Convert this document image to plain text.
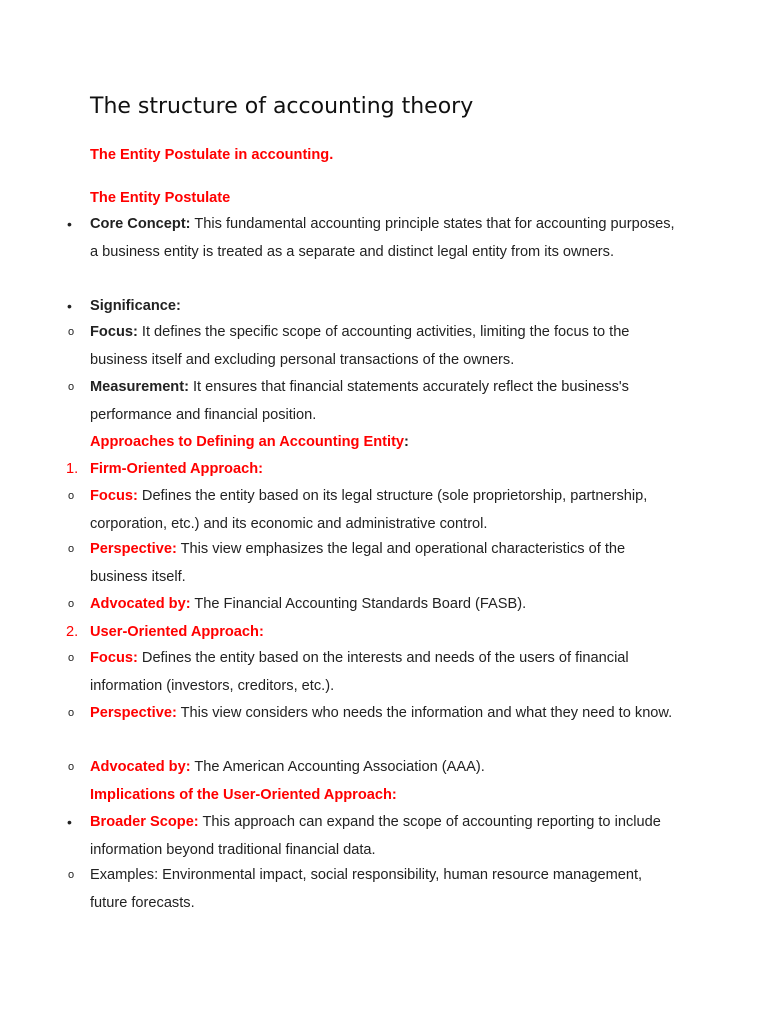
The structure of accounting theory
The Entity Postulate in accounting.
The Entity Postulate
•	Core Concept: This fundamental accounting principle states that for accounting purposes, a business entity is treated as a separate and distinct legal entity from its owners.
•	Significance:
o	Focus: It defines the specific scope of accounting activities, limiting the focus to the business itself and excluding personal transactions of the owners.
o	Measurement: It ensures that financial statements accurately reflect the business's performance and financial position.
Approaches to Defining an Accounting Entity:
1. Firm-Oriented Approach:
o	Focus: Defines the entity based on its legal structure (sole proprietorship, partnership, corporation, etc.) and its economic and administrative control.
o	Perspective: This view emphasizes the legal and operational characteristics of the business itself.
o	Advocated by: The Financial Accounting Standards Board (FASB).
2. User-Oriented Approach:
o	Focus: Defines the entity based on the interests and needs of the users of financial information (investors, creditors, etc.).
o	Perspective: This view considers who needs the information and what they need to know.
o	Advocated by: The American Accounting Association (AAA).
Implications of the User-Oriented Approach:
•	Broader Scope: This approach can expand the scope of accounting reporting to include information beyond traditional financial data.
o	Examples: Environmental impact, social responsibility, human resource management, future forecasts.
